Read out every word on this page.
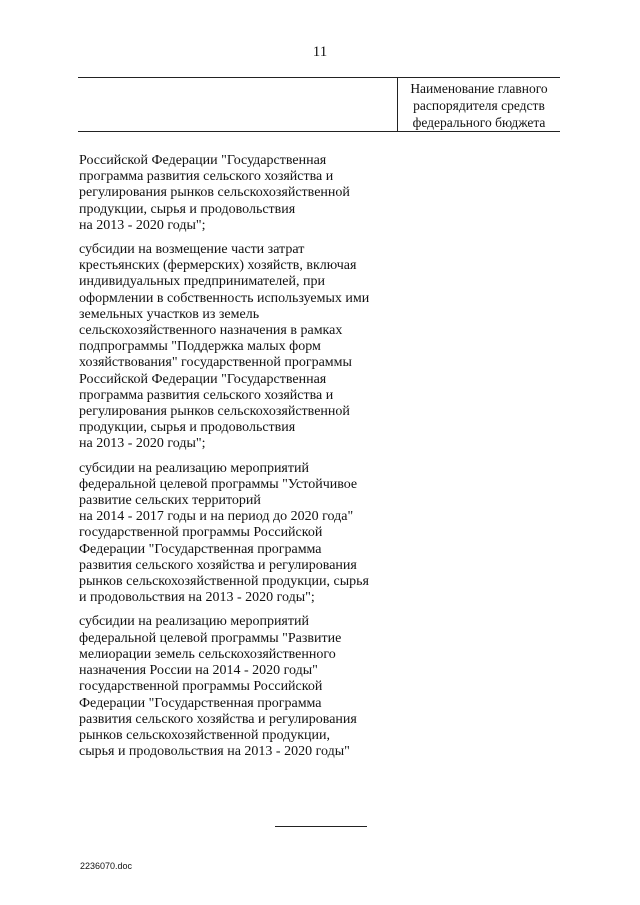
11
Наименование главного
распорядителя средств
федерального бюджета
Российской Федерации "Государственная
программа развития сельского хозяйства и
регулирования рынков сельскохозяйственной
продукции, сырья и продовольствия
на 2013 - 2020 годы";
субсидии на возмещение части затрат
крестьянских (фермерских) хозяйств, включая
индивидуальных предпринимателей, при
оформлении в собственность используемых ими
земельных участков из земель
сельскохозяйственного назначения в рамках
подпрограммы "Поддержка малых форм
хозяйствования" государственной программы
Российской Федерации "Государственная
программа развития сельского хозяйства и
регулирования рынков сельскохозяйственной
продукции, сырья и продовольствия
на 2013 - 2020 годы";
субсидии на реализацию мероприятий
федеральной целевой программы "Устойчивое
развитие сельских территорий
на 2014 - 2017 годы и на период до 2020 года"
государственной программы Российской
Федерации "Государственная программа
развития сельского хозяйства и регулирования
рынков сельскохозяйственной продукции, сырья
и продовольствия на 2013 - 2020 годы";
субсидии на реализацию мероприятий
федеральной целевой программы "Развитие
мелиорации земель сельскохозяйственного
назначения России на 2014 - 2020 годы"
государственной программы Российской
Федерации "Государственная программа
развития сельского хозяйства и регулирования
рынков сельскохозяйственной продукции,
сырья и продовольствия на 2013 - 2020 годы"
2236070.doc
